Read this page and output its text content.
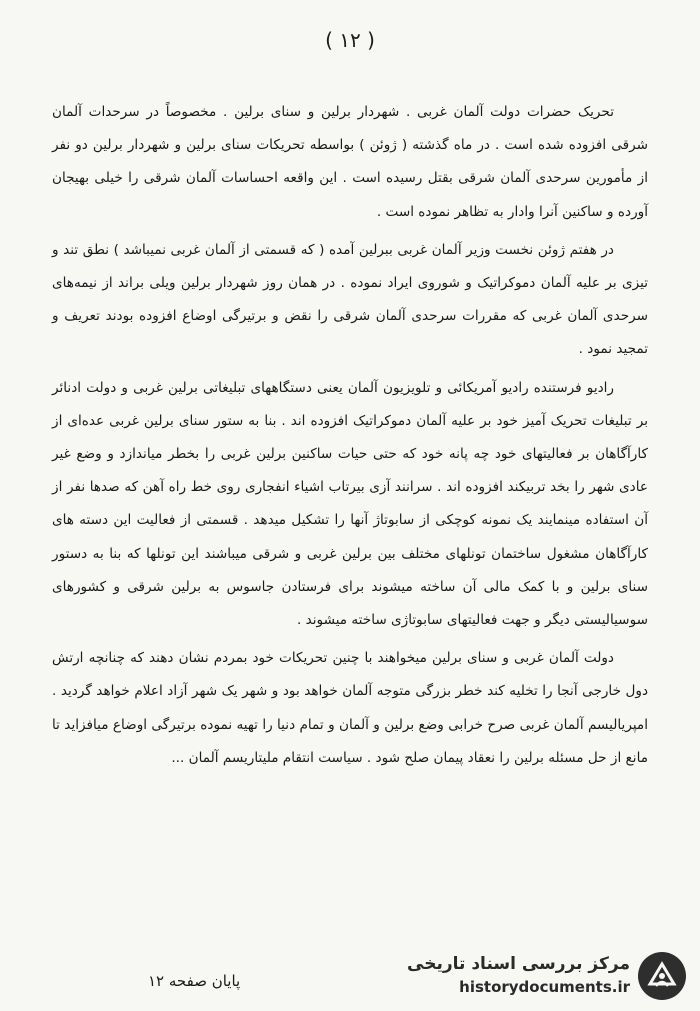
( ۱۲ )

تحریک حضرات دولت آلمان غربی . شهردار برلین و سنای برلین . مخصوصاً در سرحدات آلمان شرقی افزوده شده است . در ماه گذشته ( ژوئن ) بواسطه تحریکات سنای برلین و شهردار برلین دو نفر از مأمورین سرحدی آلمان شرقی بقتل رسیده است . این واقعه احساسات آلمان شرقی را خیلی بهیجان آورده و ساکنین آنرا وادار به تظاهر نموده است .

در هفتم ژوئن نخست وزیر آلمان غربی ببرلین آمده ( که قسمتی از آلمان غربی نمیباشد ) نطق تند و تیزی بر علیه آلمان دموکراتیک و شوروی ایراد نموده . در همان روز شهردار برلین ویلی براند از نیمه‌های سرحدی آلمان غربی که مقررات سرحدی آلمان شرقی را نقض و برتیرگی اوضاع افزوده بودند تعریف و تمجید نمود .

رادیو فرستنده رادیو آمریکائی و تلویزیون آلمان یعنی دستگاههای تبلیغاتی برلین غربی و دولت ادنائر بر تبلیغات تحریک آمیز خود بر علیه آلمان دموکراتیک افزوده اند . بنا به ستور سنای برلین غربی عده‌ای از کارآگاهان بر فعالیتهای خود چه پانه خود که حتی حیات ساکنین برلین غربی را بخطر میاندازد و وضع غیر عادی شهر را بخد تربیکند افزوده اند . سرانند آزی بیرتاب اشیاء انفجاری روی خط راه آهن که صدها نفر از آن استفاده مینمایند یک نمونه کوچکی از سابوتاژ آنها را تشکیل میدهد . قسمتی از فعالیت این دسته های کارآگاهان مشغول ساختمان تونلهای مختلف بین برلین غربی و شرقی میباشند این تونلها که بنا به دستور سنای برلین و با کمک مالی آن ساخته میشوند برای فرستادن جاسوس به برلین شرقی و کشورهای سوسیالیستی دیگر و جهت فعالیتهای سابوتاژی ساخته میشوند .

دولت آلمان غربی و سنای برلین میخواهند با چنین تحریکات خود بمردم نشان دهند که چنانچه ارتش دول خارجی آنجا را تخلیه کند خطر بزرگی متوجه آلمان خواهد بود و شهر یک شهر آزاد اعلام خواهد گردید . امپریالیسم آلمان غربی صرح خرابی وضع برلین و آلمان و تمام دنیا را تهیه نموده برتیرگی اوضاع میافزاید تا مانع از حل مسئله برلین را نعقاد پیمان صلح شود . سیاست انتقام ملیتاریسم آلمان ...

پایان صفحه ۱۲
مرکز بررسی اسناد تاریخی
historydocuments.ir
